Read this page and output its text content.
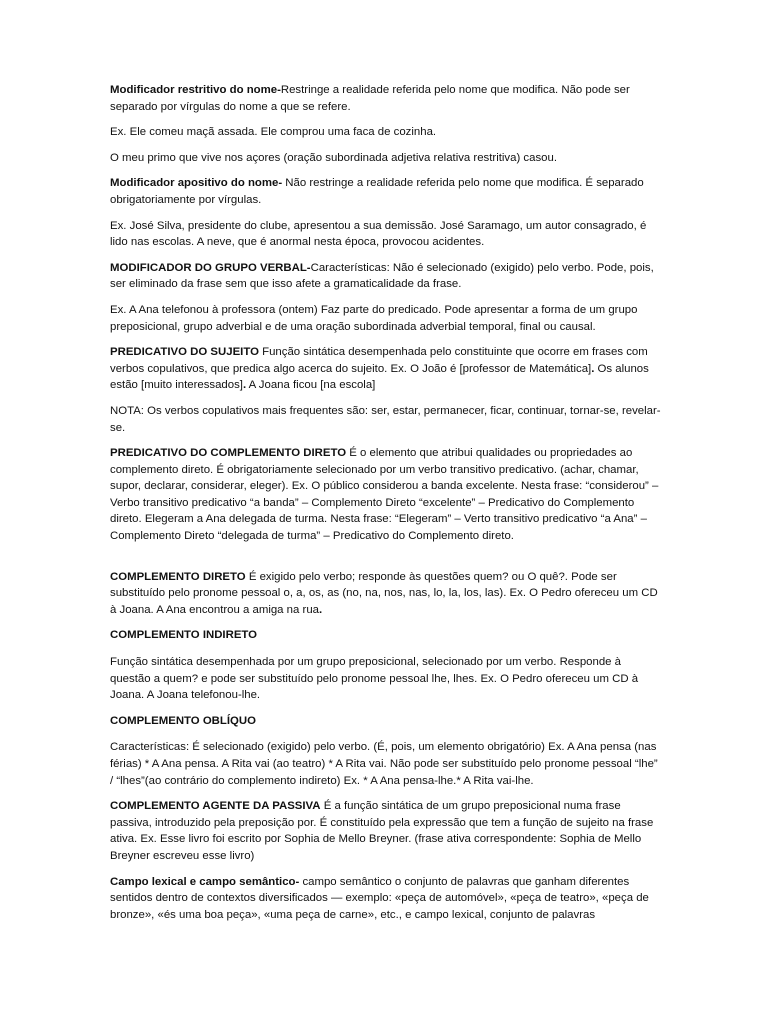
Modificador restritivo do nome-Restringe a realidade referida pelo nome que modifica. Não pode ser separado por vírgulas do nome a que se refere.

Ex. Ele comeu maçã assada. Ele comprou uma faca de cozinha.

O meu primo que vive nos açores (oração subordinada adjetiva relativa restritiva) casou.

Modificador apositivo do nome- Não restringe a realidade referida pelo nome que modifica. É separado obrigatoriamente por vírgulas.

Ex. José Silva, presidente do clube, apresentou a sua demissão. José Saramago, um autor consagrado, é lido nas escolas. A neve, que é anormal nesta época, provocou acidentes.

MODIFICADOR DO GRUPO VERBAL-Características: Não é selecionado (exigido) pelo verbo. Pode, pois, ser eliminado da frase sem que isso afete a gramaticalidade da frase.

Ex. A Ana telefonou à professora (ontem) Faz parte do predicado. Pode apresentar a forma de um grupo preposicional, grupo adverbial e de uma oração subordinada adverbial temporal, final ou causal.

PREDICATIVO DO SUJEITO Função sintática desempenhada pelo constituinte que ocorre em frases com verbos copulativos, que predica algo acerca do sujeito. Ex. O João é [professor de Matemática]. Os alunos estão [muito interessados]. A Joana ficou [na escola]

NOTA: Os verbos copulativos mais frequentes são: ser, estar, permanecer, ficar, continuar, tornar-se, revelar-se.

PREDICATIVO DO COMPLEMENTO DIRETO É o elemento que atribui qualidades ou propriedades ao complemento direto. É obrigatoriamente selecionado por um verbo transitivo predicativo. (achar, chamar, supor, declarar, considerar, eleger). Ex. O público considerou a banda excelente. Nesta frase: “considerou” – Verbo transitivo predicativo “a banda” – Complemento Direto “excelente” – Predicativo do Complemento direto. Elegeram a Ana delegada de turma. Nesta frase: “Elegeram” – Verto transitivo predicativo “a Ana” – Complemento Direto “delegada de turma” – Predicativo do Complemento direto.

COMPLEMENTO DIRETO É exigido pelo verbo; responde às questões quem? ou O quê?. Pode ser substituído pelo pronome pessoal o, a, os, as (no, na, nos, nas, lo, la, los, las). Ex. O Pedro ofereceu um CD à Joana. A Ana encontrou a amiga na rua.

COMPLEMENTO INDIRETO

Função sintática desempenhada por um grupo preposicional, selecionado por um verbo. Responde à questão a quem? e pode ser substituído pelo pronome pessoal lhe, lhes. Ex. O Pedro ofereceu um CD à Joana. A Joana telefonou-lhe.

COMPLEMENTO OBLÍQUO

Características: É selecionado (exigido) pelo verbo. (É, pois, um elemento obrigatório) Ex. A Ana pensa (nas férias) * A Ana pensa. A Rita vai (ao teatro) * A Rita vai. Não pode ser substituído pelo pronome pessoal “lhe” / “lhes”(ao contrário do complemento indireto) Ex. * A Ana pensa-lhe.* A Rita vai-lhe.

COMPLEMENTO AGENTE DA PASSIVA É a função sintática de um grupo preposicional numa frase passiva, introduzido pela preposição por. É constituído pela expressão que tem a função de sujeito na frase ativa. Ex. Esse livro foi escrito por Sophia de Mello Breyner. (frase ativa correspondente: Sophia de Mello Breyner escreveu esse livro)

Campo lexical e campo semântico- campo semântico o conjunto de palavras que ganham diferentes sentidos dentro de contextos diversificados — exemplo: «peça de automóvel», «peça de teatro», «peça de bronze», «és uma boa peça», «uma peça de carne», etc., e campo lexical, conjunto de palavras
